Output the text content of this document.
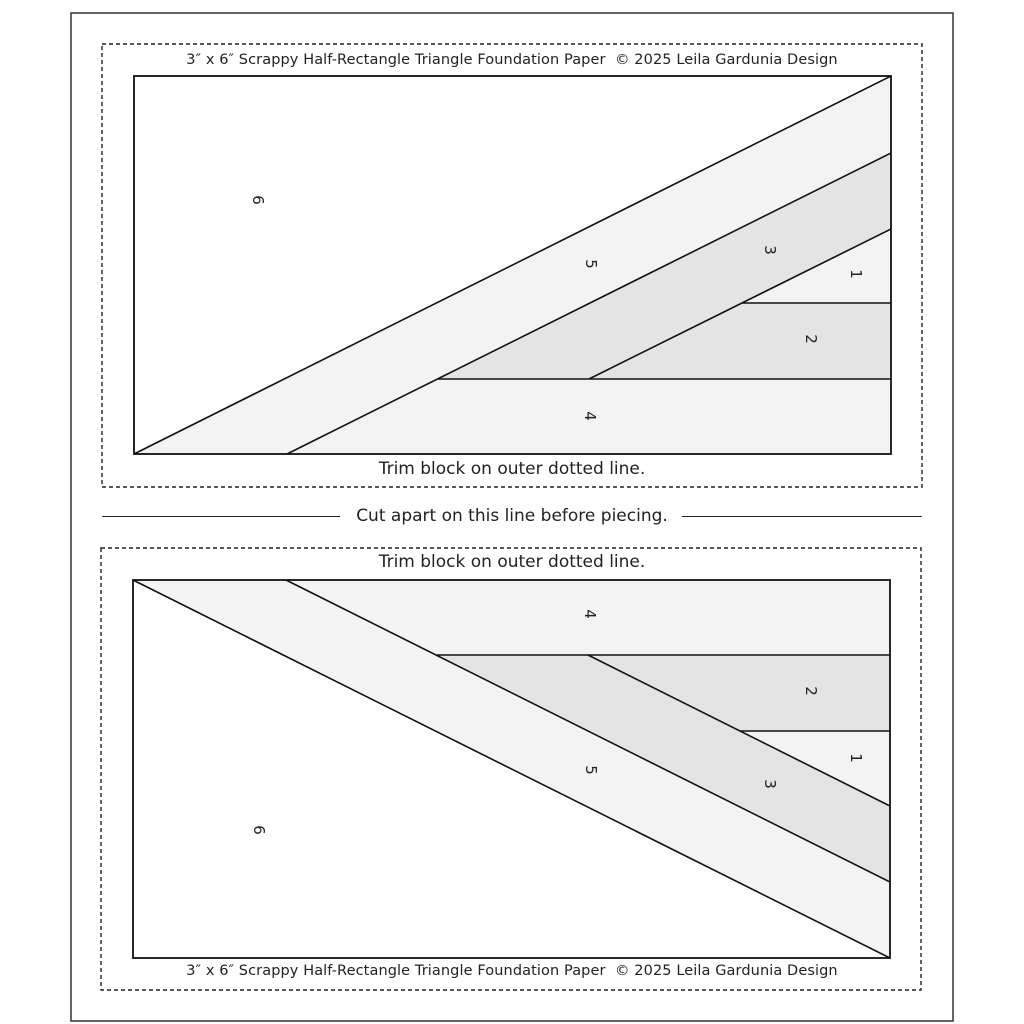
6
5
3
1
2
4
4
2
1
5
3
6
3″ x 6″ Scrappy Half-Rectangle Triangle Foundation Paper © 2025 Leila Gardunia Design
Trim block on outer dotted line.
Cut apart on this line before piecing.
Trim block on outer dotted line.
3″ x 6″ Scrappy Half-Rectangle Triangle Foundation Paper © 2025 Leila Gardunia Design
